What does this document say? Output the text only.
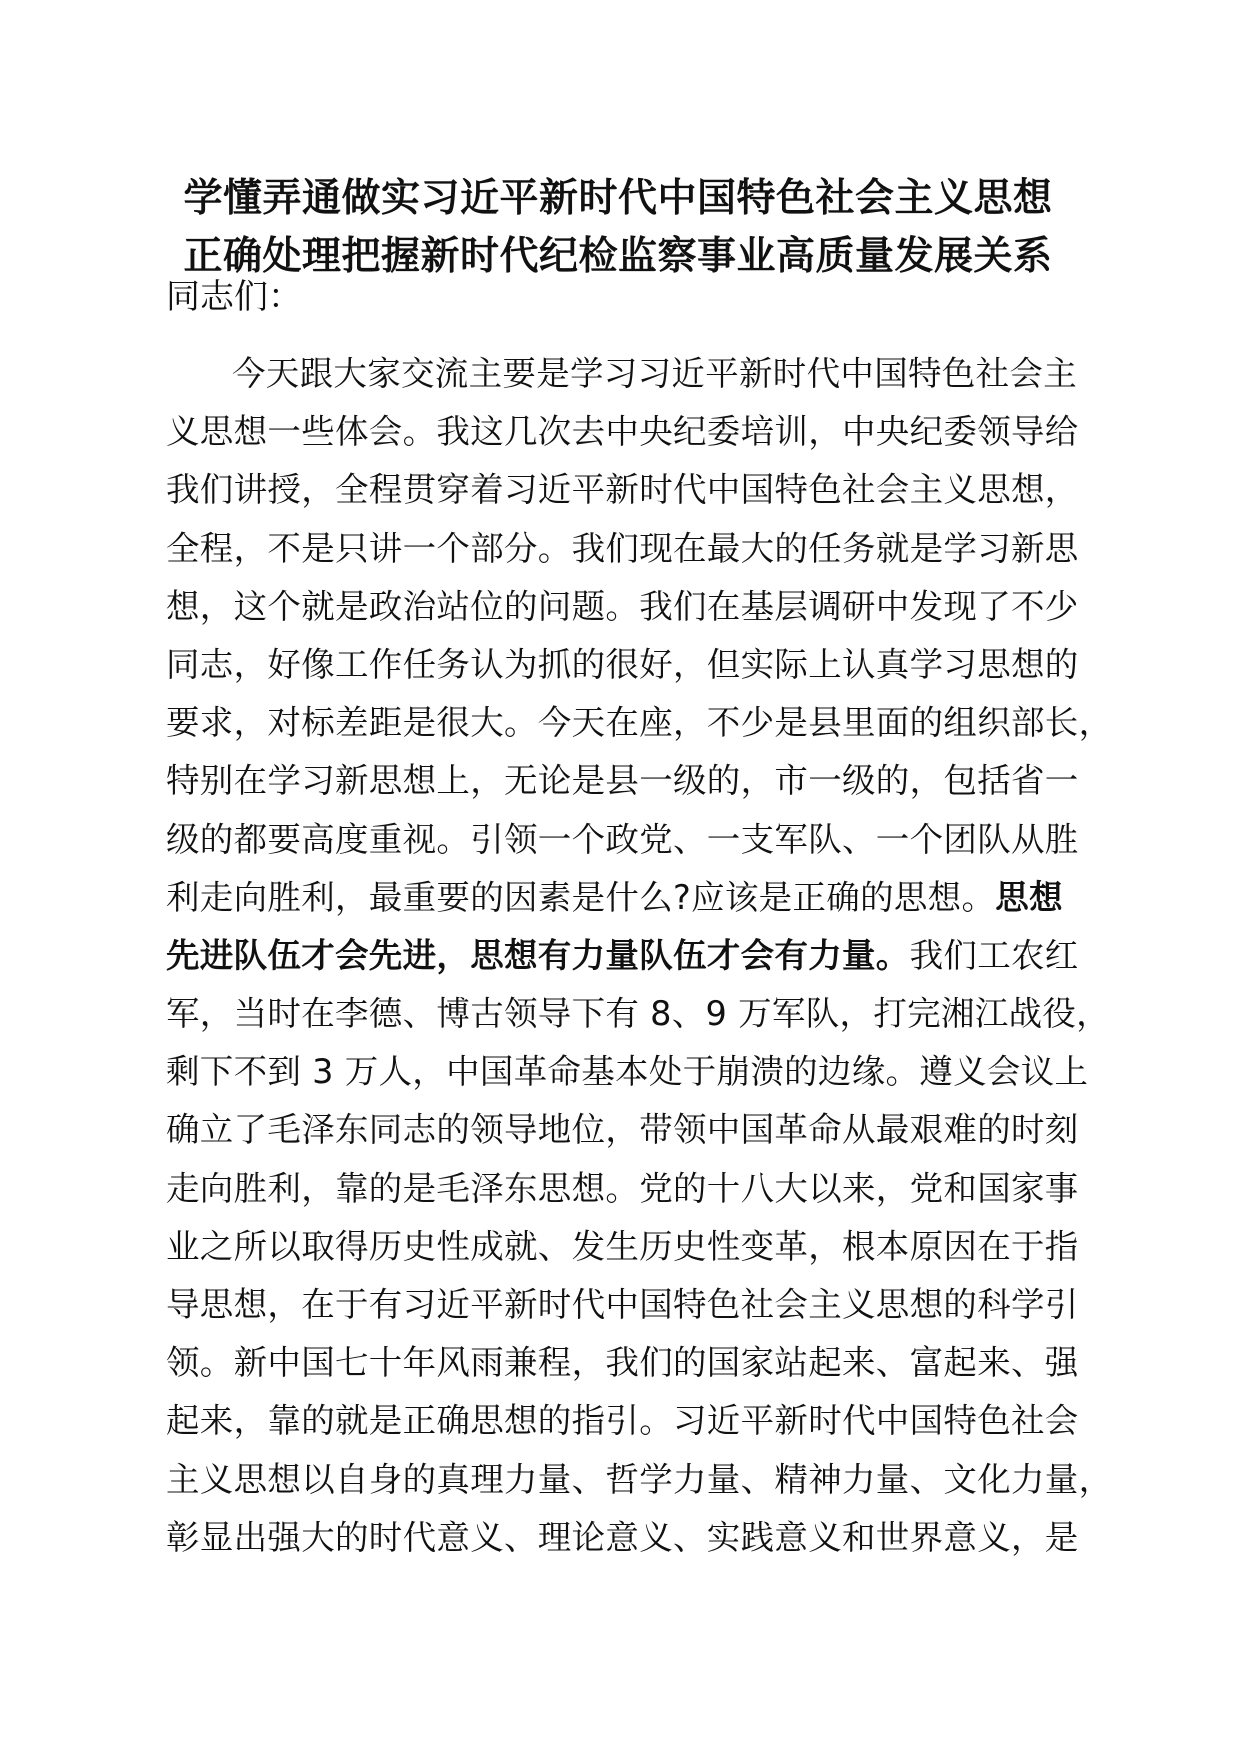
学懂弄通做实习近平新时代中国特色社会主义思想
正确处理把握新时代纪检监察事业高质量发展关系
同志们：
今天跟大家交流主要是学习习近平新时代中国特色社会主
义思想一些体会。我这几次去中央纪委培训，中央纪委领导给
我们讲授，全程贯穿着习近平新时代中国特色社会主义思想，
全程，不是只讲一个部分。我们现在最大的任务就是学习新思
想，这个就是政治站位的问题。我们在基层调研中发现了不少
同志，好像工作任务认为抓的很好，但实际上认真学习思想的
要求，对标差距是很大。今天在座，不少是县里面的组织部长，
特别在学习新思想上，无论是县一级的，市一级的，包括省一
级的都要高度重视。引领一个政党、一支军队、一个团队从胜
利走向胜利，最重要的因素是什么?应该是正确的思想。思想
先进队伍才会先进，思想有力量队伍才会有力量。我们工农红
军，当时在李德、博古领导下有 8、9 万军队，打完湘江战役，
剩下不到 3 万人，中国革命基本处于崩溃的边缘。遵义会议上
确立了毛泽东同志的领导地位，带领中国革命从最艰难的时刻
走向胜利，靠的是毛泽东思想。党的十八大以来，党和国家事
业之所以取得历史性成就、发生历史性变革，根本原因在于指
导思想，在于有习近平新时代中国特色社会主义思想的科学引
领。新中国七十年风雨兼程，我们的国家站起来、富起来、强
起来，靠的就是正确思想的指引。习近平新时代中国特色社会
主义思想以自身的真理力量、哲学力量、精神力量、文化力量，
彰显出强大的时代意义、理论意义、实践意义和世界意义，是
